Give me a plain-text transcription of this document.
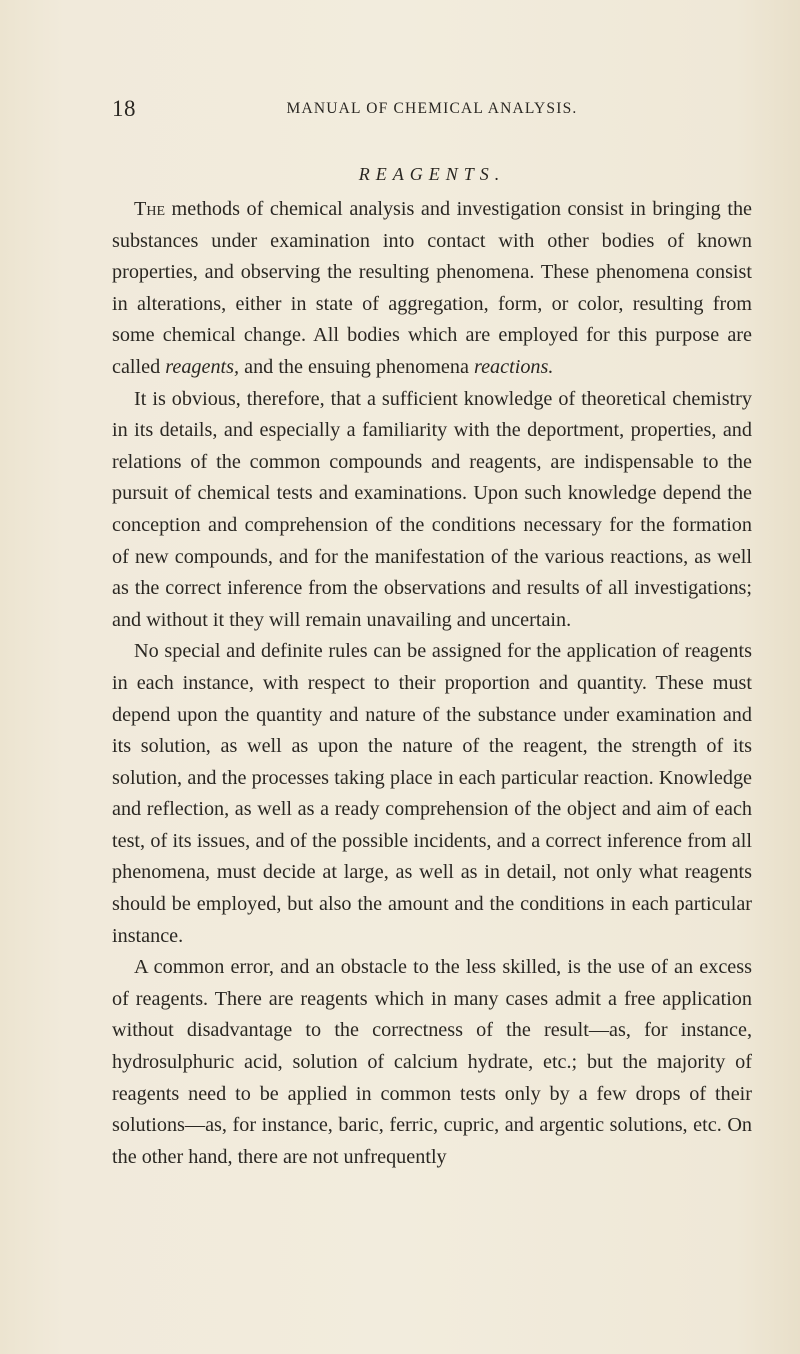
18	MANUAL OF CHEMICAL ANALYSIS.
REAGENTS.

The methods of chemical analysis and investigation consist in bringing the substances under examination into contact with other bodies of known properties, and observing the resulting phenomena. These phenomena consist in alterations, either in state of aggregation, form, or color, resulting from some chemical change. All bodies which are employed for this purpose are called reagents, and the ensuing phenomena reactions.

It is obvious, therefore, that a sufficient knowledge of theoretical chemistry in its details, and especially a familiarity with the deportment, properties, and relations of the common compounds and reagents, are indispensable to the pursuit of chemical tests and examinations. Upon such knowledge depend the conception and comprehension of the conditions necessary for the formation of new compounds, and for the manifestation of the various reactions, as well as the correct inference from the observations and results of all investigations; and without it they will remain unavailing and uncertain.

No special and definite rules can be assigned for the application of reagents in each instance, with respect to their proportion and quantity. These must depend upon the quantity and nature of the substance under examination and its solution, as well as upon the nature of the reagent, the strength of its solution, and the processes taking place in each particular reaction. Knowledge and reflection, as well as a ready comprehension of the object and aim of each test, of its issues, and of the possible incidents, and a correct inference from all phenomena, must decide at large, as well as in detail, not only what reagents should be employed, but also the amount and the conditions in each particular instance.

A common error, and an obstacle to the less skilled, is the use of an excess of reagents. There are reagents which in many cases admit a free application without disadvantage to the correctness of the result—as, for instance, hydrosulphuric acid, solution of calcium hydrate, etc.; but the majority of reagents need to be applied in common tests only by a few drops of their solutions—as, for instance, baric, ferric, cupric, and argentic solutions, etc. On the other hand, there are not unfrequently
